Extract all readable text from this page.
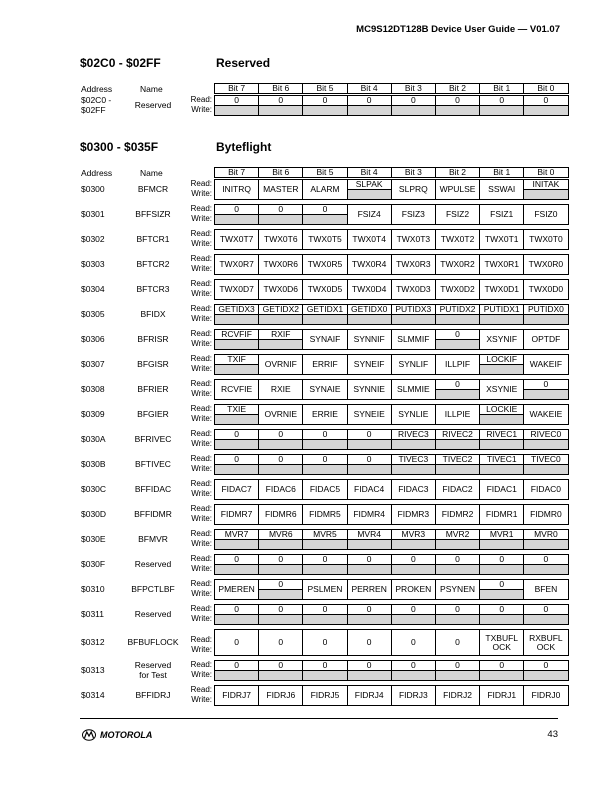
MC9S12DT128B Device User Guide — V01.07
$02C0 - $02FF	Reserved
Address	Name	Bit 7	Bit 6	Bit 5	Bit 4	Bit 3	Bit 2	Bit 1	Bit 0
$02C0 -
$02FF	Reserved
Read:
Write:
0	0	0	0	0	0	0	0

$0300 - $035F	Byteflight
Address	Name	Bit 7	Bit 6	Bit 5	Bit 4	Bit 3	Bit 2	Bit 1	Bit 0
$0300	BFMCR
Read:
Write: INITRQ	MASTER	ALARM	SLPAK	SLPRQ	WPULSE	SSWAI	INITAK

$0301	BFFSIZR
Read:
Write:
0	0	0	FSIZ4	FSIZ3	FSIZ2	FSIZ1	FSIZ0

$0302	BFTCR1
Read:
Write: TWX0T7	TWX0T6	TWX0T5	TWX0T4	TWX0T3	TWX0T2	TWX0T1	TWX0T0

$0303	BFTCR2
Read:
Write: TWX0R7	TWX0R6	TWX0R5	TWX0R4	TWX0R3	TWX0R2	TWX0R1	TWX0R0

$0304	BFTCR3
Read:
Write: TWX0D7	TWX0D6	TWX0D5	TWX0D4	TWX0D3	TWX0D2	TWX0D1	TWX0D0

$0305	BFIDX
Read:
Write:
GETIDX3	GETIDX2	GETIDX1	GETIDX0	PUTIDX3	PUTIDX2	PUTIDX1	PUTIDX0

$0306	BFRISR
Read:
Write:
RCVFIF	RXIF	SYNAIF	SYNNIF	SLMMIF	0	XSYNIF	OPTDF

$0307	BFGISR
Read:
Write:
TXIF	OVRNIF	ERRIF	SYNEIF	SYNLIF	ILLPIF	LOCKIF	WAKEIF

$0308	BFRIER
Read:
Write: RCVFIE	RXIE	SYNAIE	SYNNIE	SLMMIE	0	XSYNIE	0

$0309	BFGIER
Read:
Write:
TXIE	OVRNIE	ERRIE	SYNEIE	SYNLIE	ILLPIE	LOCKIE	WAKEIE

$030A	BFRIVEC
Read:
Write:
0	0	0	0	RIVEC3	RIVEC2	RIVEC1	RIVEC0

$030B	BFTIVEC
Read:
Write:
0	0	0	0	TIVEC3	TIVEC2	TIVEC1	TIVEC0

$030C	BFFIDAC
Read:
Write: FIDAC7	FIDAC6	FIDAC5	FIDAC4	FIDAC3	FIDAC2	FIDAC1	FIDAC0

$030D	BFFIDMR
Read:
Write: FIDMR7	FIDMR6	FIDMR5	FIDMR4	FIDMR3	FIDMR2	FIDMR1	FIDMR0

$030E	BFMVR
Read:
Write:
MVR7	MVR6	MVR5	MVR4	MVR3	MVR2	MVR1	MVR0

$030F	Reserved
Read:
Write:
0	0	0	0	0	0	0	0

$0310	BFPCTLBF
Read:
Write: PMEREN	0	PSLMEN	PERREN	PROKEN	PSYNEN	0	BFEN

$0311	Reserved
Read:
Write:
0	0	0	0	0	0	0	0

$0312	BFBUFLOCK	Read:
Write:
0	0	0	0	0	0	TXBUFL
OCK	RXBUFL
OCK

$0313	Reserved
for Test
Read:
Write:
0	0	0	0	0	0	0	0

$0314	BFFIDRJ
Read:
Write: FIDRJ7	FIDRJ6	FIDRJ5	FIDRJ4	FIDRJ3	FIDRJ2	FIDRJ1	FIDRJ0

MOTOROLA	43
